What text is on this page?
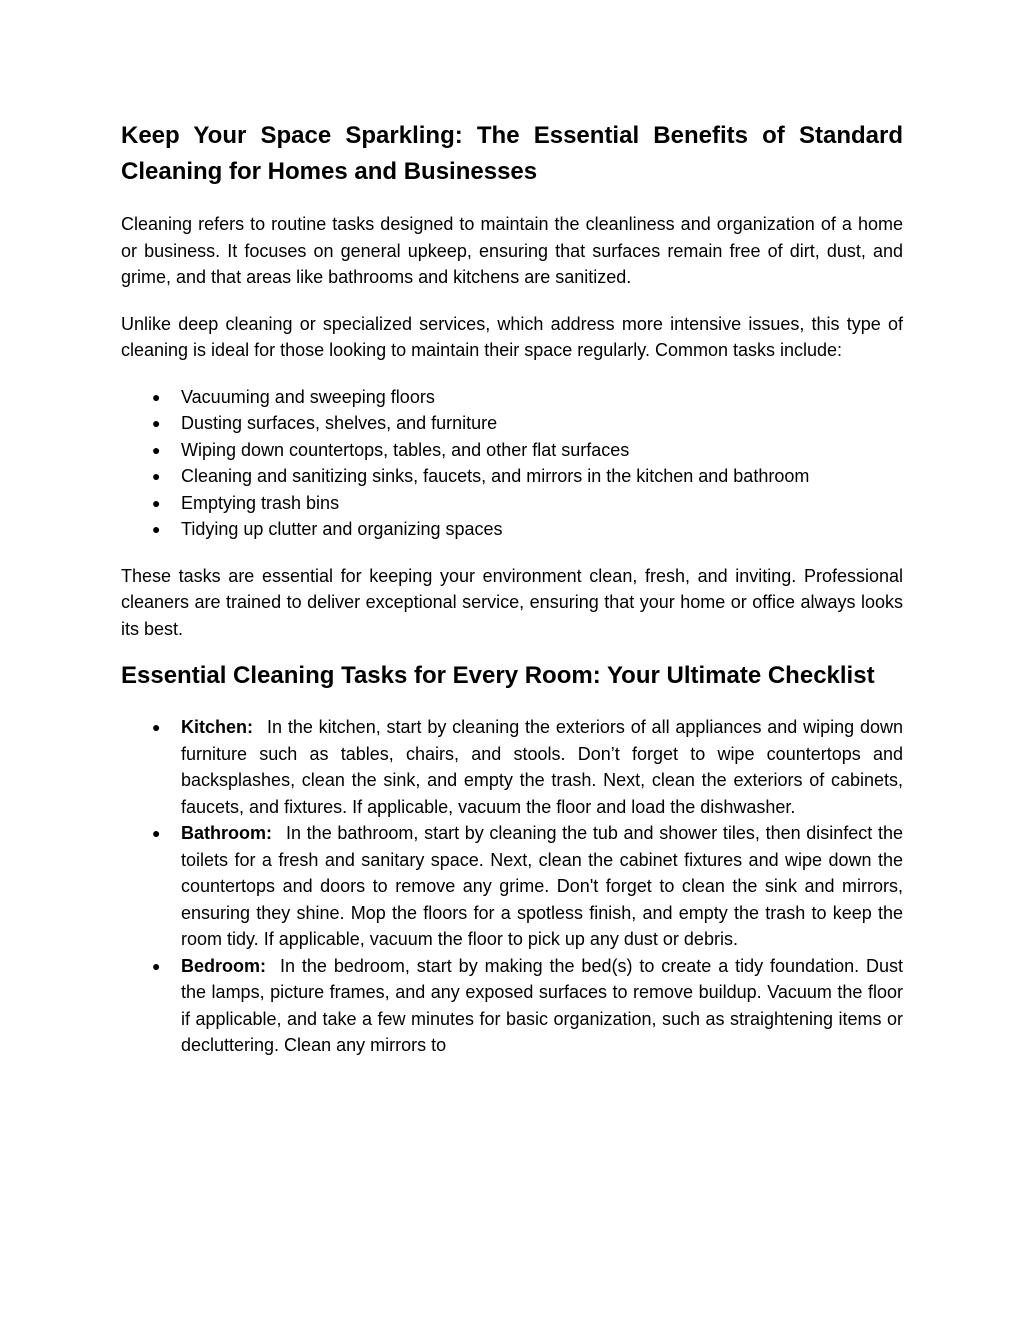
Keep Your Space Sparkling: The Essential Benefits of Standard Cleaning for Homes and Businesses

Cleaning refers to routine tasks designed to maintain the cleanliness and organization of a home or business. It focuses on general upkeep, ensuring that surfaces remain free of dirt, dust, and grime, and that areas like bathrooms and kitchens are sanitized.

Unlike deep cleaning or specialized services, which address more intensive issues, this type of cleaning is ideal for those looking to maintain their space regularly. Common tasks include:

● Vacuuming and sweeping floors
● Dusting surfaces, shelves, and furniture
● Wiping down countertops, tables, and other flat surfaces
● Cleaning and sanitizing sinks, faucets, and mirrors in the kitchen and bathroom
● Emptying trash bins
● Tidying up clutter and organizing spaces

These tasks are essential for keeping your environment clean, fresh, and inviting. Professional cleaners are trained to deliver exceptional service, ensuring that your home or office always looks its best.

Essential Cleaning Tasks for Every Room: Your Ultimate Checklist
● Kitchen: In the kitchen, start by cleaning the exteriors of all appliances and wiping down furniture such as tables, chairs, and stools. Don’t forget to wipe countertops and backsplashes, clean the sink, and empty the trash. Next, clean the exteriors of cabinets, faucets, and fixtures. If applicable, vacuum the floor and load the dishwasher.
● Bathroom: In the bathroom, start by cleaning the tub and shower tiles, then disinfect the toilets for a fresh and sanitary space. Next, clean the cabinet fixtures and wipe down the countertops and doors to remove any grime. Don't forget to clean the sink and mirrors, ensuring they shine. Mop the floors for a spotless finish, and empty the trash to keep the room tidy. If applicable, vacuum the floor to pick up any dust or debris.
● Bedroom: In the bedroom, start by making the bed(s) to create a tidy foundation. Dust the lamps, picture frames, and any exposed surfaces to remove buildup. Vacuum the floor if applicable, and take a few minutes for basic organization, such as straightening items or decluttering. Clean any mirrors to
